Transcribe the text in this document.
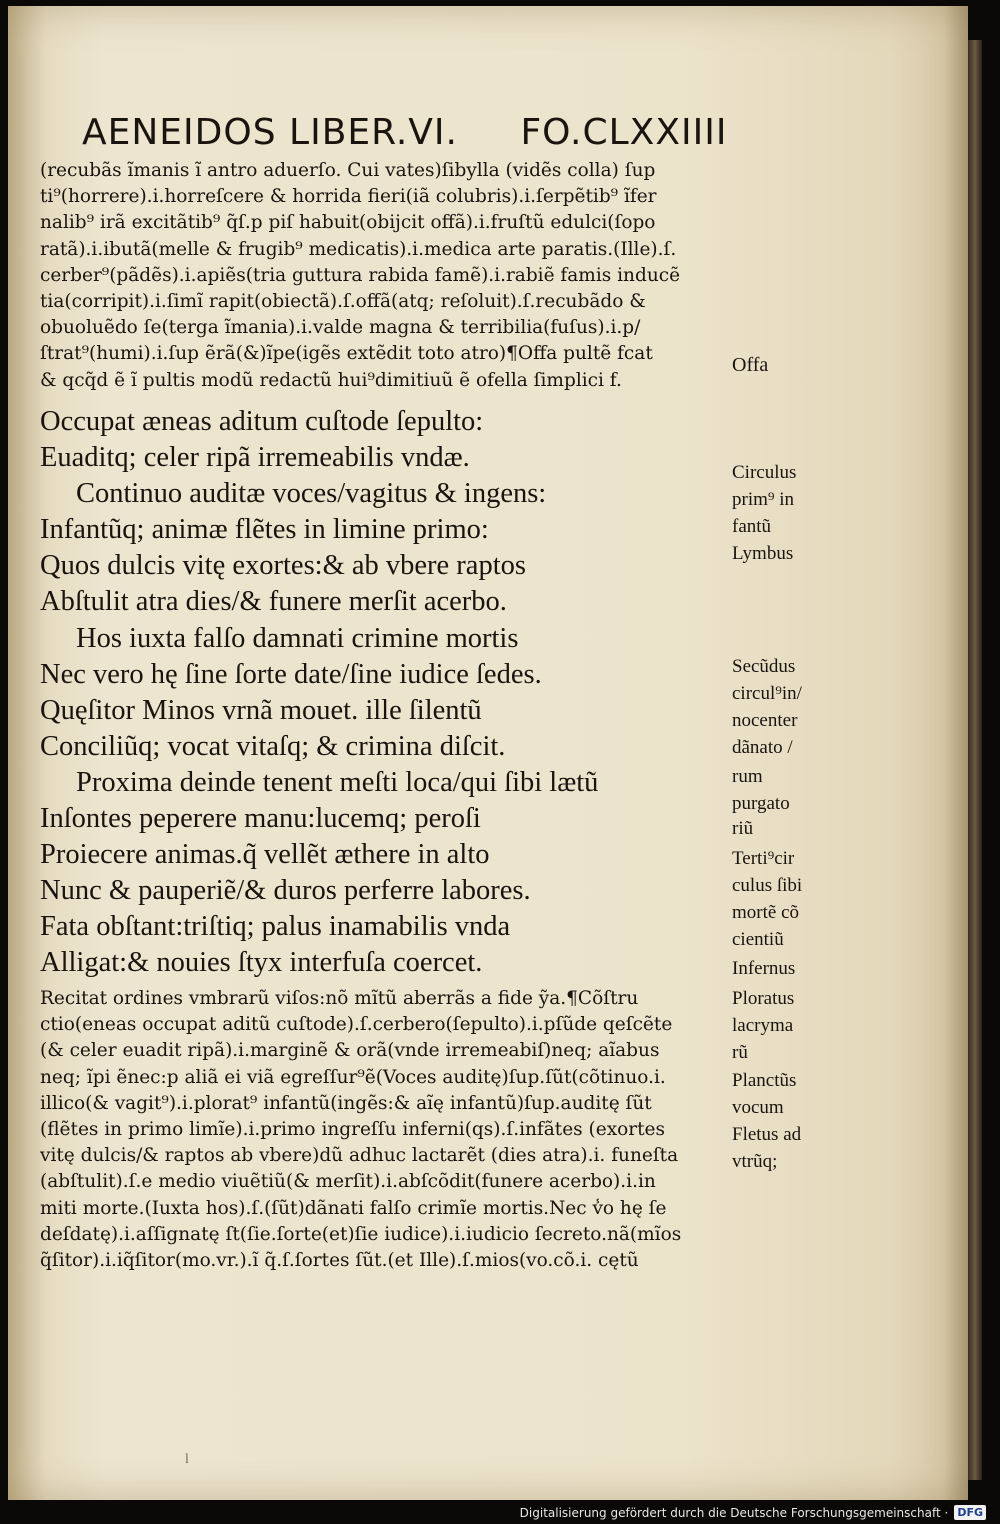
AENEIDOS LIBER.VI. FO.CLXXIIII
(recubãs ĩmanis ĩ antro aduerſo. Cui vates)ſibylla (vidẽs colla) ſup
ti⁹(horrere).i.horreſcere & horrida fieri(iã colubris).i.ſerpẽtib⁹ ĩfer
nalib⁹ irã excitãtib⁹ q̃ſ.p piſ habuit(obijcit offã).i.fruſtũ edulci(ſopo
ratã).i.ibutã(melle & frugib⁹ medicatis).i.medica arte paratis.(Ille).ſ.
cerber⁹(pãdẽs).i.apiẽs(tria guttura rabida famẽ).i.rabiẽ famis inducẽ
tia(corripit).i.ſimĩ rapit(obiectã).ſ.offã(atq; reſoluit).ſ.recubãdo &
obuoluẽdo ſe(terga ĩmania).i.valde magna & terribilia(fuſus).i.p/
ſtrat⁹(humi).i.ſup ẽrã(&)ĩpe(igẽs extẽdit toto atro)¶Offa pultẽ fcat
& qcq̃d ẽ ĩ pultis modũ redactũ hui⁹dimitiuũ ẽ ofella ſimplici f.
Occupat æneas aditum cuſtode ſepulto:
Euaditq; celer ripã irremeabilis vndæ.
Continuo auditæ voces/vagitus & ingens:
Infantũq; animæ flẽtes in limine primo:
Quos dulcis vitę exortes:& ab vbere raptos
Abſtulit atra dies/& funere merſit acerbo.
Hos iuxta falſo damnati crimine mortis
Nec vero hę ſine ſorte date/ſine iudice ſedes.
Quęſitor Minos vrnã mouet. ille ſilentũ
Conciliũq; vocat vitaſq; & crimina diſcit.
Proxima deinde tenent meſti loca/qui ſibi lætũ
Inſontes peperere manu:lucemq; peroſi
Proiecere animas.q̃ vellẽt æthere in alto
Nunc & pauperiẽ/& duros perferre labores.
Fata obſtant:triſtiq; palus inamabilis vnda
Alligat:& nouies ſtyx interfuſa coercet.
Recitat ordines vmbrarũ viſos:nõ mĩtũ aberrãs a fide ỹa.¶Cõſtru
ctio(eneas occupat aditũ cuſtode).ſ.cerbero(ſepulto).i.pſũde qeſcẽte
(& celer euadit ripã).i.marginẽ & orã(vnde irremeabiſ)neq; aĩabus
neq; ĩpi ẽnec:p aliã ei viã egreſſur⁹ẽ(Voces auditę)ſup.ſũt(cõtinuo.i.
illico(& vagit⁹).i.plorat⁹ infantũ(ingẽs:& aĩę infantũ)ſup.auditę ſũt
(flẽtes in primo limĩe).i.primo ingreſſu inferni(qs).ſ.infãtes (exortes
vitę dulcis/& raptos ab vbere)dũ adhuc lactarẽt (dies atra).i. funeſta
(abſtulit).ſ.e medio viuẽtiũ(& merſit).i.abſcõdit(funere acerbo).i.in
miti morte.(Iuxta hos).ſ.(ſũt)dãnati falſo crimĩe mortis.Nec v̾o hę ſe
deſdatę).i.aſſignatę ſt(ſie.ſorte(et)ſie iudice).i.iudicio ſecreto.nã(mĩos
q̃ſitor).i.iq̃ſitor(mo.vr.).ĩ q̃.ſ.ſortes ſũt.(et Ille).ſ.mios(vo.cõ.i. cętũ
Offa
Circulus
prim⁹ in
fantũ
Lymbus
Secũdus
circul⁹in/
nocenter
dãnato /
rum
purgato
riũ
Terti⁹cir
culus ſibi
mortẽ cõ
cientiũ
Infernus
Ploratus
lacryma
rũ
Planctũs
vocum
Fletus ad
vtrũq;
l
Digitalisierung gefördert durch die Deutsche Forschungsgemeinschaft · DFG
